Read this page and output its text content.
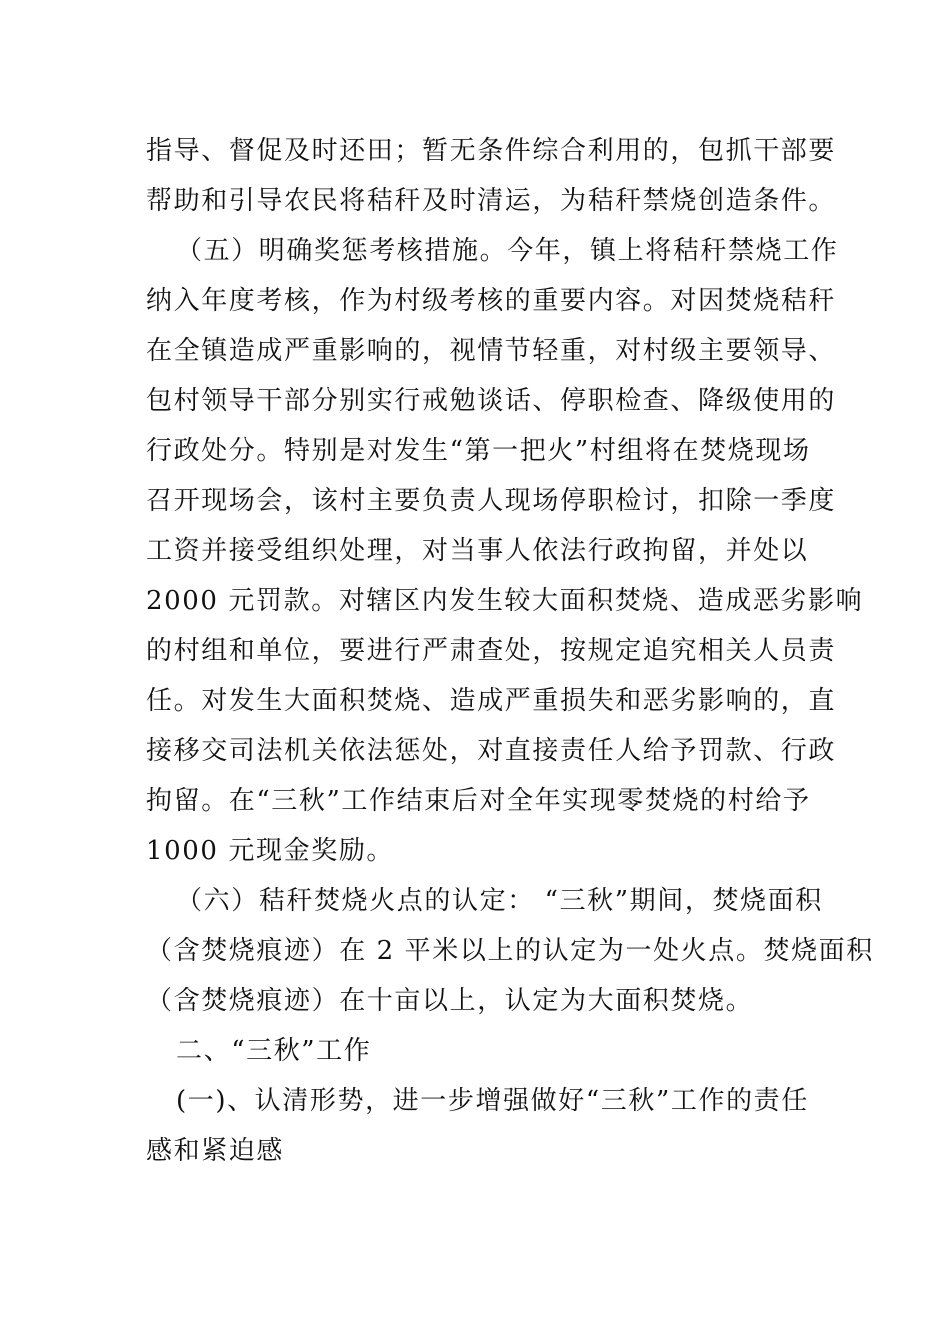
指导、督促及时还田；暂无条件综合利用的，包抓干部要
帮助和引导农民将秸秆及时清运，为秸秆禁烧创造条件。
（五）明确奖惩考核措施。今年，镇上将秸秆禁烧工作
纳入年度考核，作为村级考核的重要内容。对因焚烧秸秆
在全镇造成严重影响的，视情节轻重，对村级主要领导、
包村领导干部分别实行戒勉谈话、停职检查、降级使用的
行政处分。特别是对发生“第一把火”村组将在焚烧现场
召开现场会，该村主要负责人现场停职检讨，扣除一季度
工资并接受组织处理，对当事人依法行政拘留，并处以
2000 元罚款。对辖区内发生较大面积焚烧、造成恶劣影响
的村组和单位，要进行严肃查处，按规定追究相关人员责
任。对发生大面积焚烧、造成严重损失和恶劣影响的，直
接移交司法机关依法惩处，对直接责任人给予罚款、行政
拘留。在“三秋”工作结束后对全年实现零焚烧的村给予
1000 元现金奖励。
（六）秸秆焚烧火点的认定： “三秋”期间，焚烧面积
（含焚烧痕迹）在 2 平米以上的认定为一处火点。焚烧面积
（含焚烧痕迹）在十亩以上，认定为大面积焚烧。
二、“三秋”工作
(一)、认清形势，进一步增强做好“三秋”工作的责任
感和紧迫感
